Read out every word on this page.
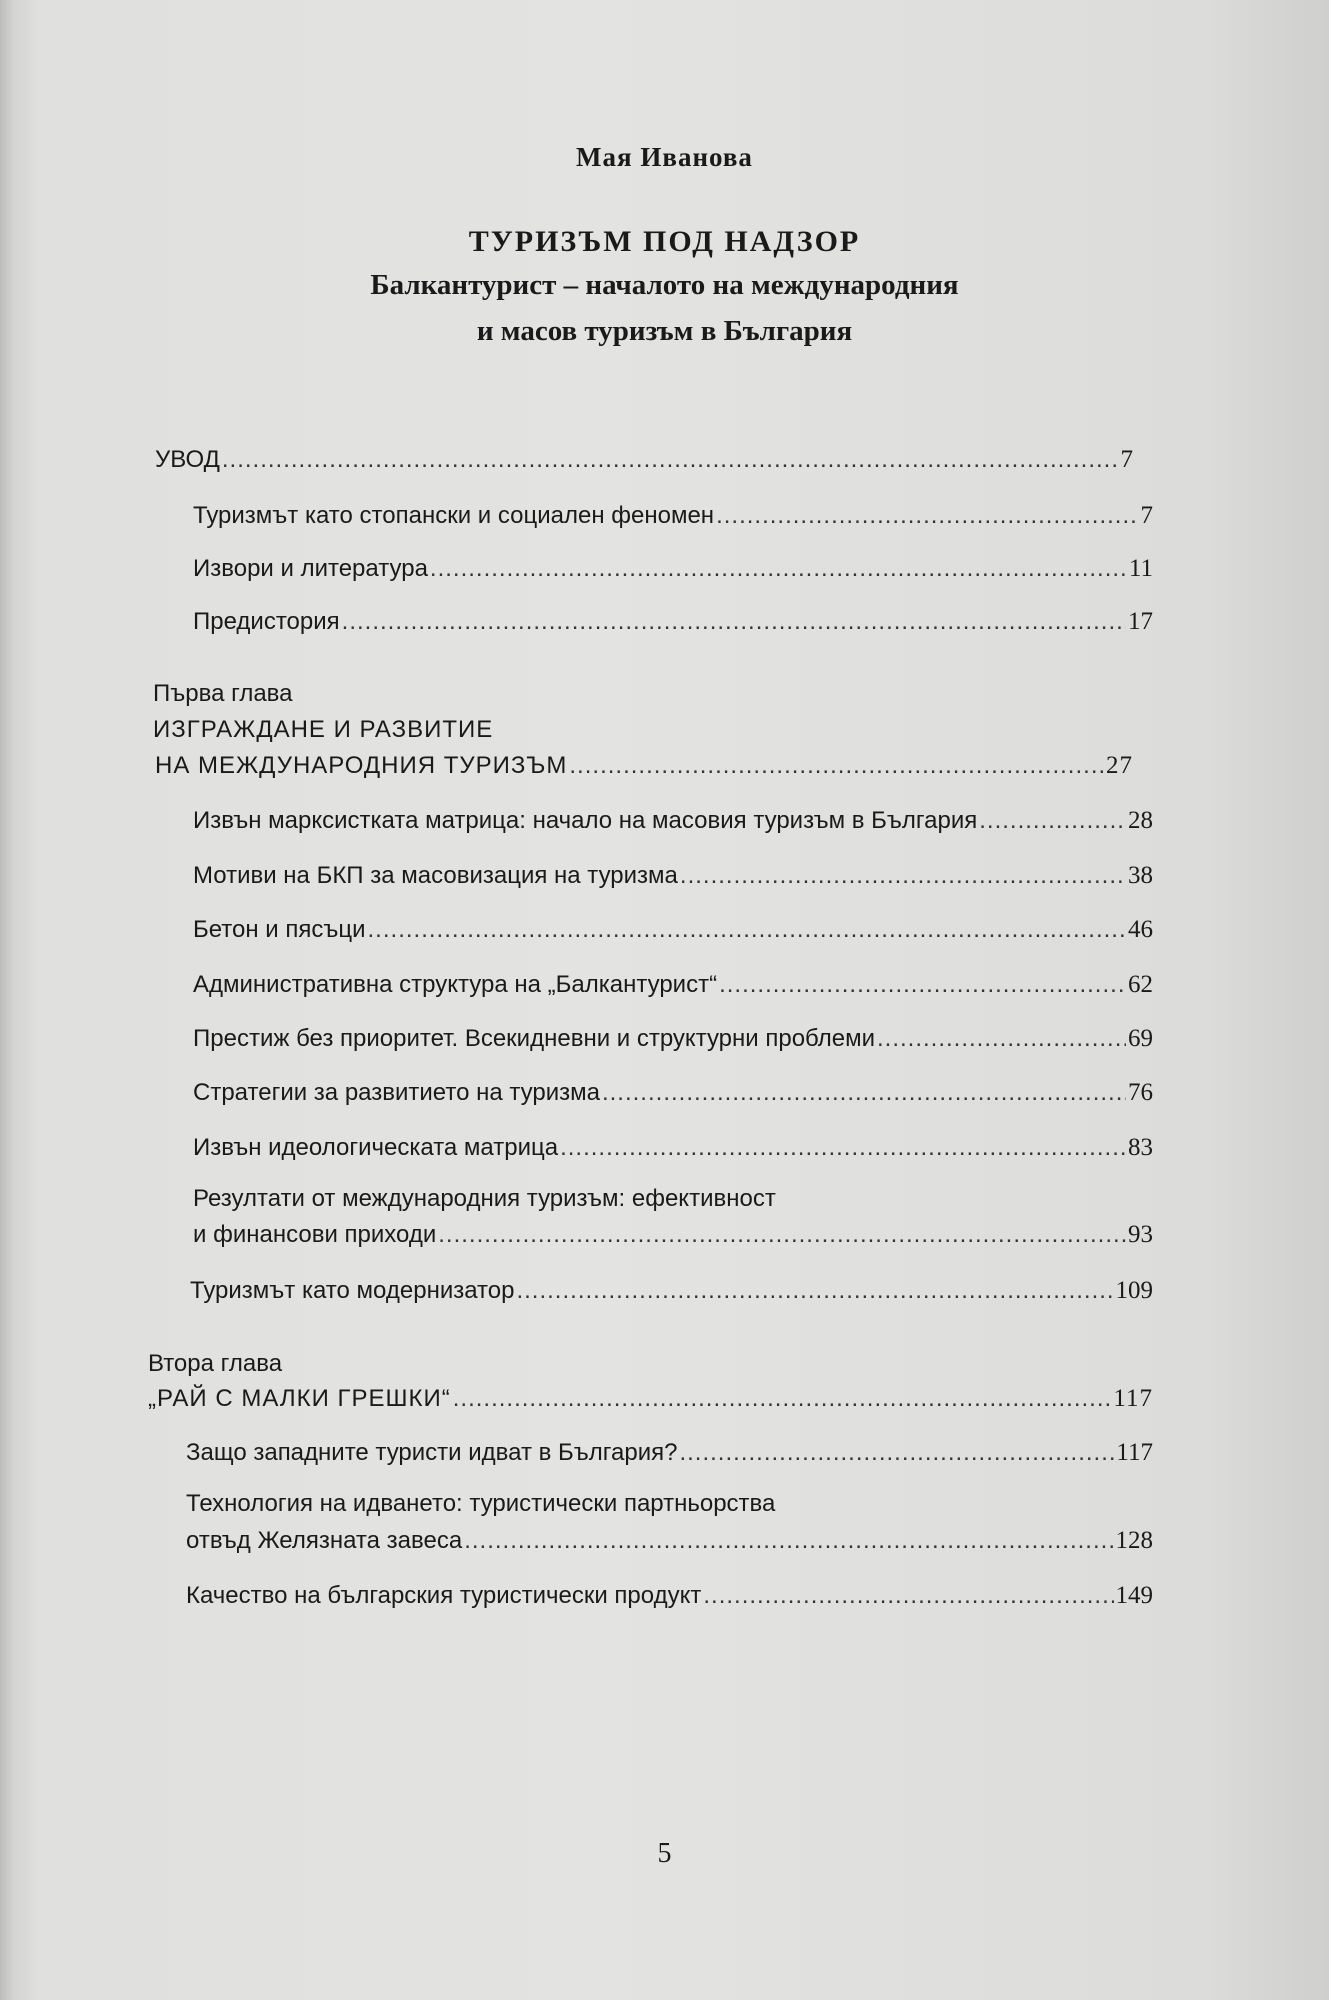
Мая Иванова
ТУРИЗЪМ ПОД НАДЗОР
Балкантурист – началото на международния
и масов туризъм в България
УВОД .....	7
Туризмът като стопански и социален феномен .....	7
Извори и литература .....	11
Предистория .....	17
Първа глава
ИЗГРАЖДАНЕ И РАЗВИТИЕ
НА МЕЖДУНАРОДНИЯ ТУРИЗЪМ .....	27
Извън марксистката матрица: начало на масовия туризъм в България .....	28
Мотиви на БКП за масовизация на туризма .....	38
Бетон и пясъци .....	46
Административна структура на „Балкантурист“ .....	62
Престиж без приоритет. Всекидневни и структурни проблеми .....	69
Стратегии за развитието на туризма .....	76
Извън идеологическата матрица .....	83
Резултати от международния туризъм: ефективност
и финансови приходи .....	93
Туризмът като модернизатор .....	109
Втора глава
„РАЙ С МАЛКИ ГРЕШКИ“ .....	117
Защо западните туристи идват в България? .....	117
Технология на идването: туристически партньорства
отвъд Желязната завеса .....	128
Качество на българския туристически продукт .....	149
5
